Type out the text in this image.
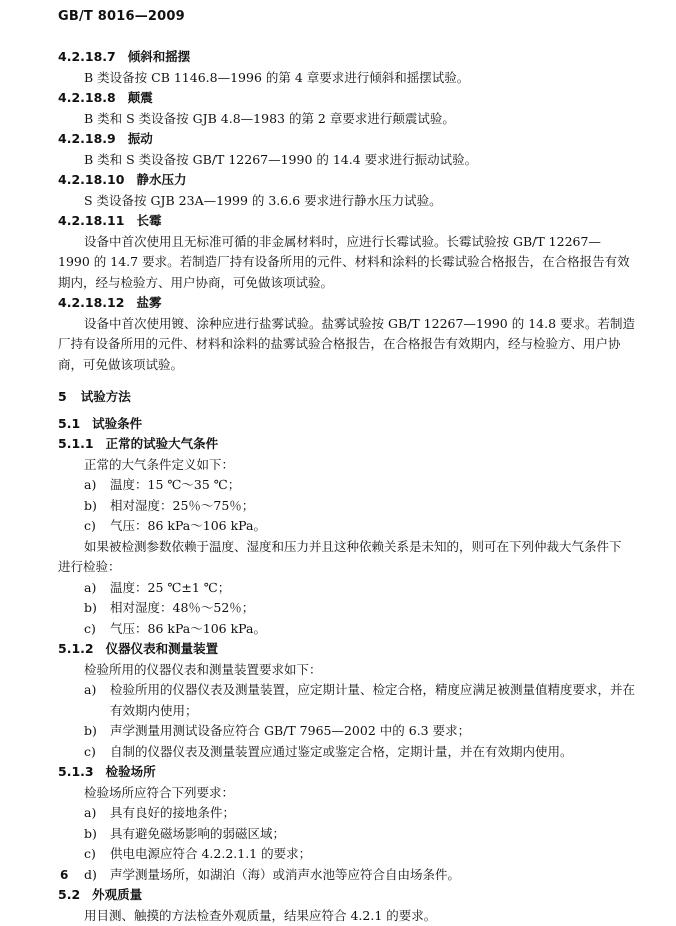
GB/T 8016—2009
4.2.18.7 倾斜和摇摆
B 类设备按 CB 1146.8—1996 的第 4 章要求进行倾斜和摇摆试验。
4.2.18.8 颠震
B 类和 S 类设备按 GJB 4.8—1983 的第 2 章要求进行颠震试验。
4.2.18.9 振动
B 类和 S 类设备按 GB/T 12267—1990 的 14.4 要求进行振动试验。
4.2.18.10 静水压力
S 类设备按 GJB 23A—1999 的 3.6.6 要求进行静水压力试验。
4.2.18.11 长霉
设备中首次使用且无标准可循的非金属材料时，应进行长霉试验。长霉试验按 GB/T 12267—
1990 的 14.7 要求。若制造厂持有设备所用的元件、材料和涂料的长霉试验合格报告，在合格报告有效
期内，经与检验方、用户协商，可免做该项试验。
4.2.18.12 盐雾
设备中首次使用镀、涂种应进行盐雾试验。盐雾试验按 GB/T 12267—1990 的 14.8 要求。若制造
厂持有设备所用的元件、材料和涂料的盐雾试验合格报告，在合格报告有效期内，经与检验方、用户协
商，可免做该项试验。
5 试验方法
5.1 试验条件
5.1.1 正常的试验大气条件
正常的大气条件定义如下：
a) 温度：15 ℃～35 ℃；
b) 相对湿度：25％～75％；
c) 气压：86 kPa～106 kPa。
如果被检测参数依赖于温度、湿度和压力并且这种依赖关系是未知的，则可在下列仲裁大气条件下
进行检验：
a) 温度：25 ℃±1 ℃；
b) 相对湿度：48％～52％；
c) 气压：86 kPa～106 kPa。
5.1.2 仪器仪表和测量装置
检验所用的仪器仪表和测量装置要求如下：
a) 检验所用的仪器仪表及测量装置，应定期计量、检定合格，精度应满足被测量值精度要求，并在
有效期内使用；
b) 声学测量用测试设备应符合 GB/T 7965—2002 中的 6.3 要求；
c) 自制的仪器仪表及测量装置应通过鉴定或鉴定合格，定期计量，并在有效期内使用。
5.1.3 检验场所
检验场所应符合下列要求：
a) 具有良好的接地条件；
b) 具有避免磁场影响的弱磁区域；
c) 供电电源应符合 4.2.2.1.1 的要求；
d) 声学测量场所，如湖泊（海）或消声水池等应符合自由场条件。
5.2 外观质量
用目测、触摸的方法检查外观质量，结果应符合 4.2.1 的要求。
6
